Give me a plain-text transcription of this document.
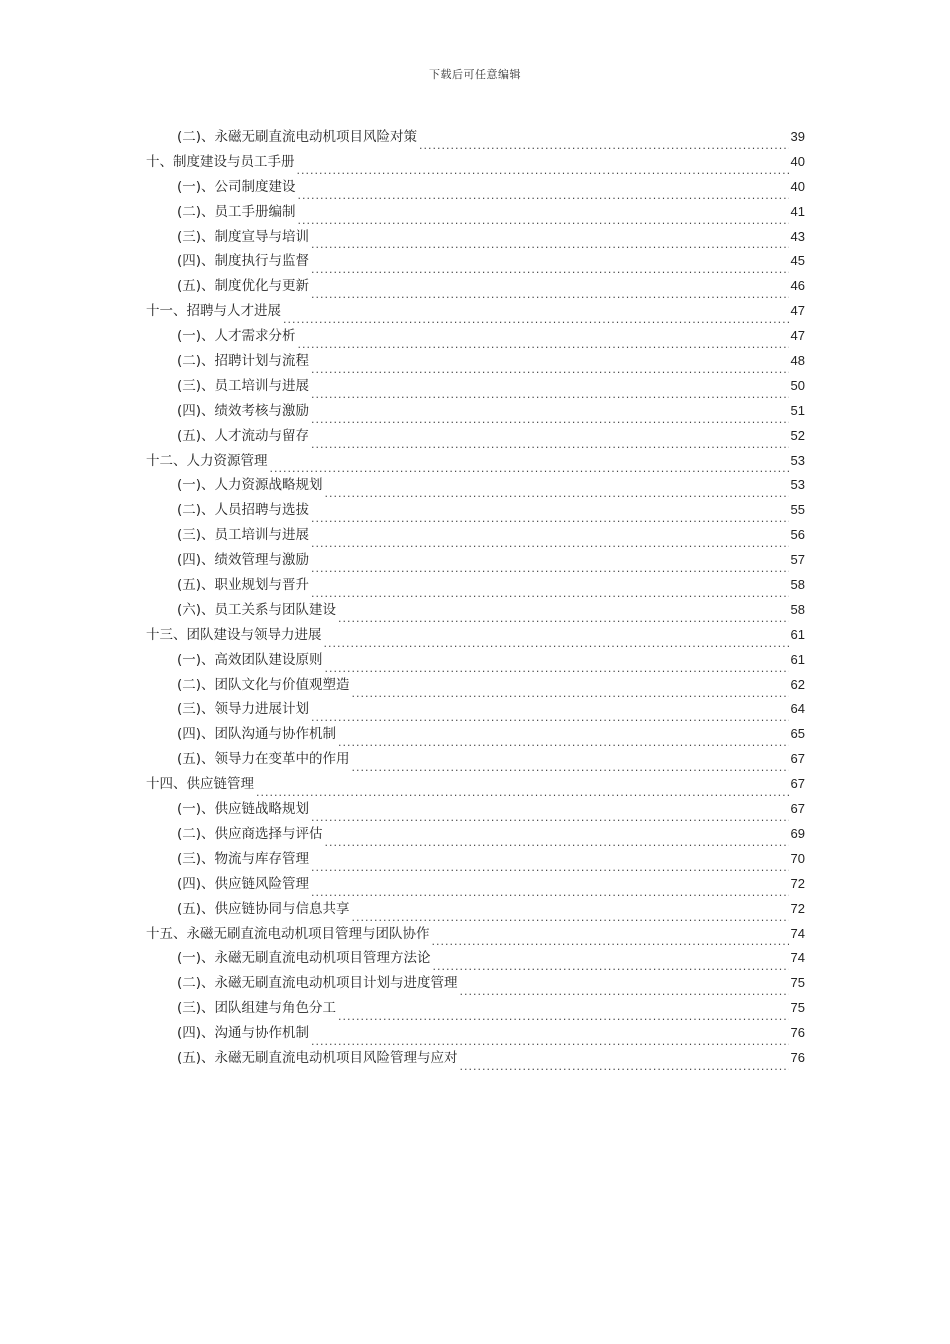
下载后可任意编辑
(二)、永磁无刷直流电动机项目风险对策 .....	39
十、制度建设与员工手册 .....	40
(一)、公司制度建设 .....	40
(二)、员工手册编制 .....	41
(三)、制度宣导与培训 .....	43
(四)、制度执行与监督 .....	45
(五)、制度优化与更新 .....	46
十一、招聘与人才进展 .....	47
(一)、人才需求分析 .....	47
(二)、招聘计划与流程 .....	48
(三)、员工培训与进展 .....	50
(四)、绩效考核与激励 .....	51
(五)、人才流动与留存 .....	52
十二、人力资源管理 .....	53
(一)、人力资源战略规划 .....	53
(二)、人员招聘与选拔 .....	55
(三)、员工培训与进展 .....	56
(四)、绩效管理与激励 .....	57
(五)、职业规划与晋升 .....	58
(六)、员工关系与团队建设 .....	58
十三、团队建设与领导力进展 .....	61
(一)、高效团队建设原则 .....	61
(二)、团队文化与价值观塑造 .....	62
(三)、领导力进展计划 .....	64
(四)、团队沟通与协作机制 .....	65
(五)、领导力在变革中的作用 .....	67
十四、供应链管理 .....	67
(一)、供应链战略规划 .....	67
(二)、供应商选择与评估 .....	69
(三)、物流与库存管理 .....	70
(四)、供应链风险管理 .....	72
(五)、供应链协同与信息共享 .....	72
十五、永磁无刷直流电动机项目管理与团队协作 .....	74
(一)、永磁无刷直流电动机项目管理方法论 .....	74
(二)、永磁无刷直流电动机项目计划与进度管理 .....	75
(三)、团队组建与角色分工 .....	75
(四)、沟通与协作机制 .....	76
(五)、永磁无刷直流电动机项目风险管理与应对 .....	76
